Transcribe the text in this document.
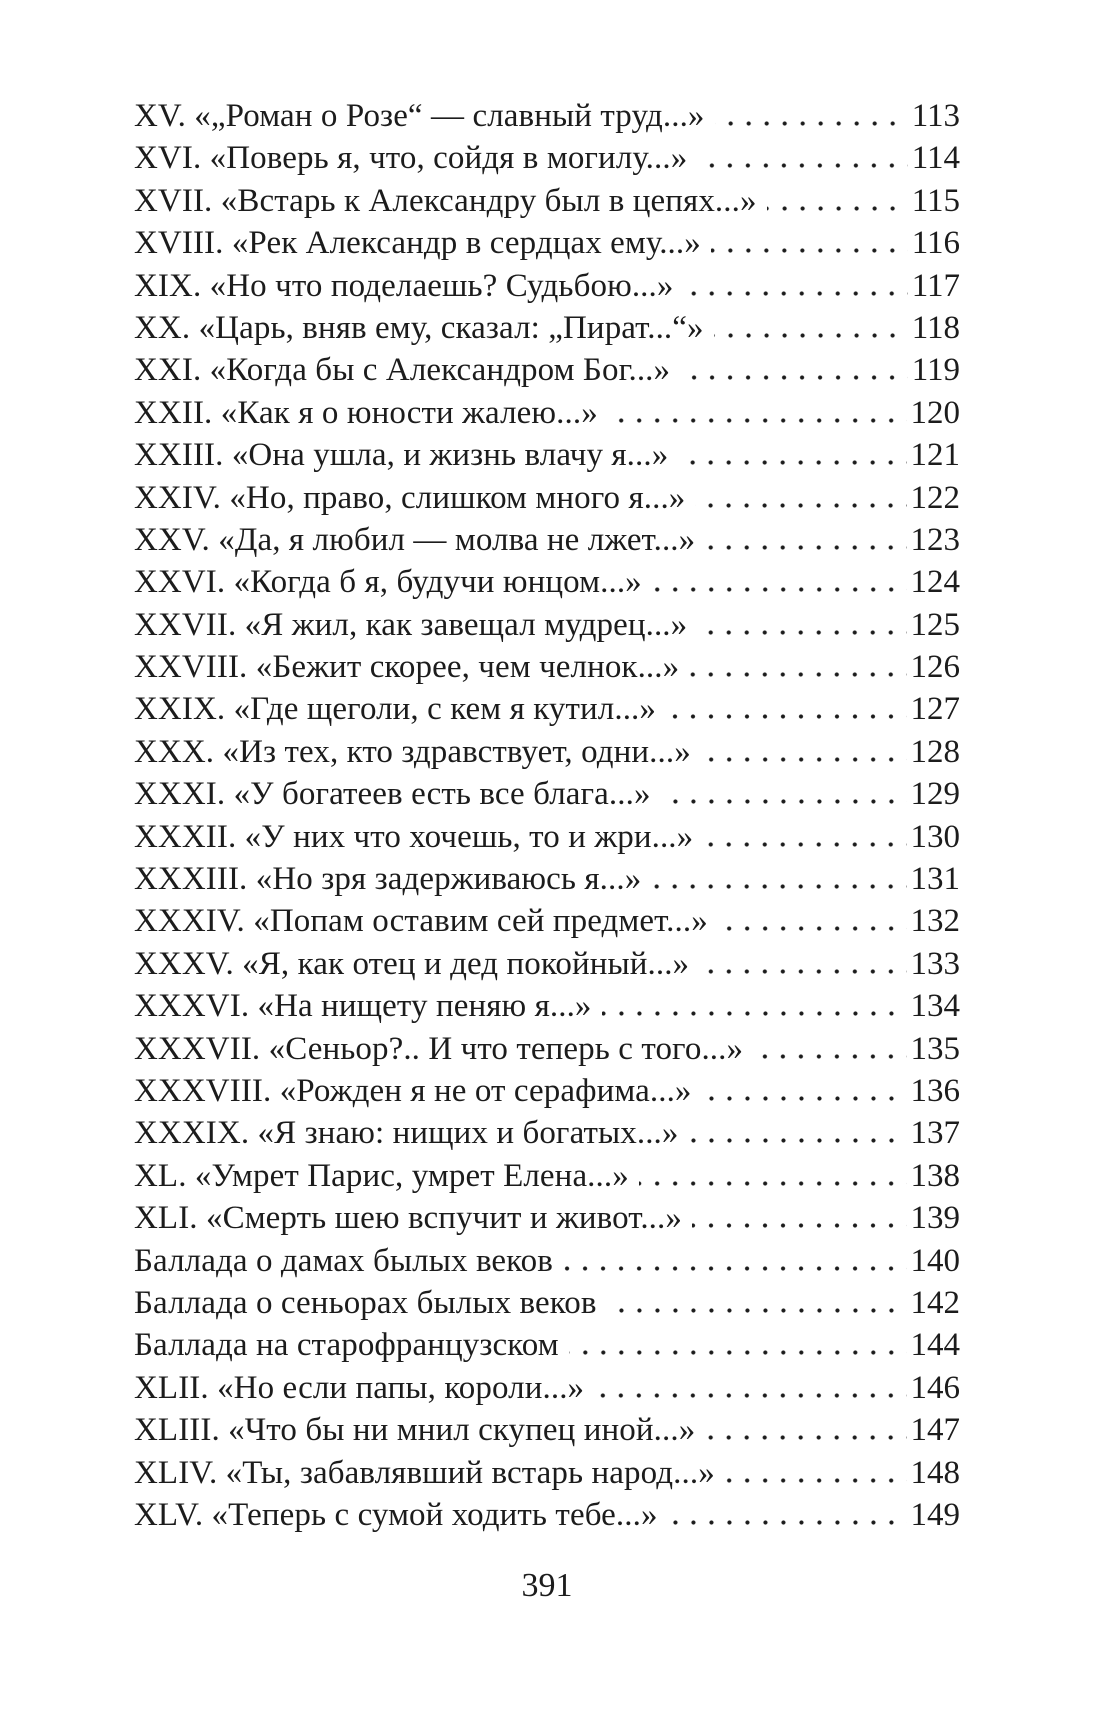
XV. «„Роман о Розе“ — славный труд...»	113
XVI. «Поверь я, что, сойдя в могилу...»	114
XVII. «Встарь к Александру был в цепях...»	115
XVIII. «Рек Александр в сердцах ему...»	116
XIX. «Но что поделаешь? Судьбою...»	117
XX. «Царь, вняв ему, сказал: „Пират...“»	118
XXI. «Когда бы с Александром Бог...»	119
XXII. «Как я о юности жалею...»	120
XXIII. «Она ушла, и жизнь влачу я...»	121
XXIV. «Но, право, слишком много я...»	122
XXV. «Да, я любил — молва не лжет...»	123
XXVI. «Когда б я, будучи юнцом...»	124
XXVII. «Я жил, как завещал мудрец...»	125
XXVIII. «Бежит скорее, чем челнок...»	126
XXIX. «Где щеголи, с кем я кутил...»	127
XXX. «Из тех, кто здравствует, одни...»	128
XXXI. «У богатеев есть все блага...»	129
XXXII. «У них что хочешь, то и жри...»	130
XXXIII. «Но зря задерживаюсь я...»	131
XXXIV. «Попам оставим сей предмет...»	132
XXXV. «Я, как отец и дед покойный...»	133
XXXVI. «На нищету пеняю я...»	134
XXXVII. «Сеньор?.. И что теперь с того...»	135
XXXVIII. «Рожден я не от серафима...»	136
XXXIX. «Я знаю: нищих и богатых...»	137
XL. «Умрет Парис, умрет Елена...»	138
XLI. «Смерть шею вспучит и живот...»	139
Баллада о дамах былых веков	140
Баллада о сеньорах былых веков	142
Баллада на старофранцузском	144
XLII. «Но если папы, короли...»	146
XLIII. «Что бы ни мнил скупец иной...»	147
XLIV. «Ты, забавлявший встарь народ...»	148
XLV. «Теперь с сумой ходить тебе...»	149
391
